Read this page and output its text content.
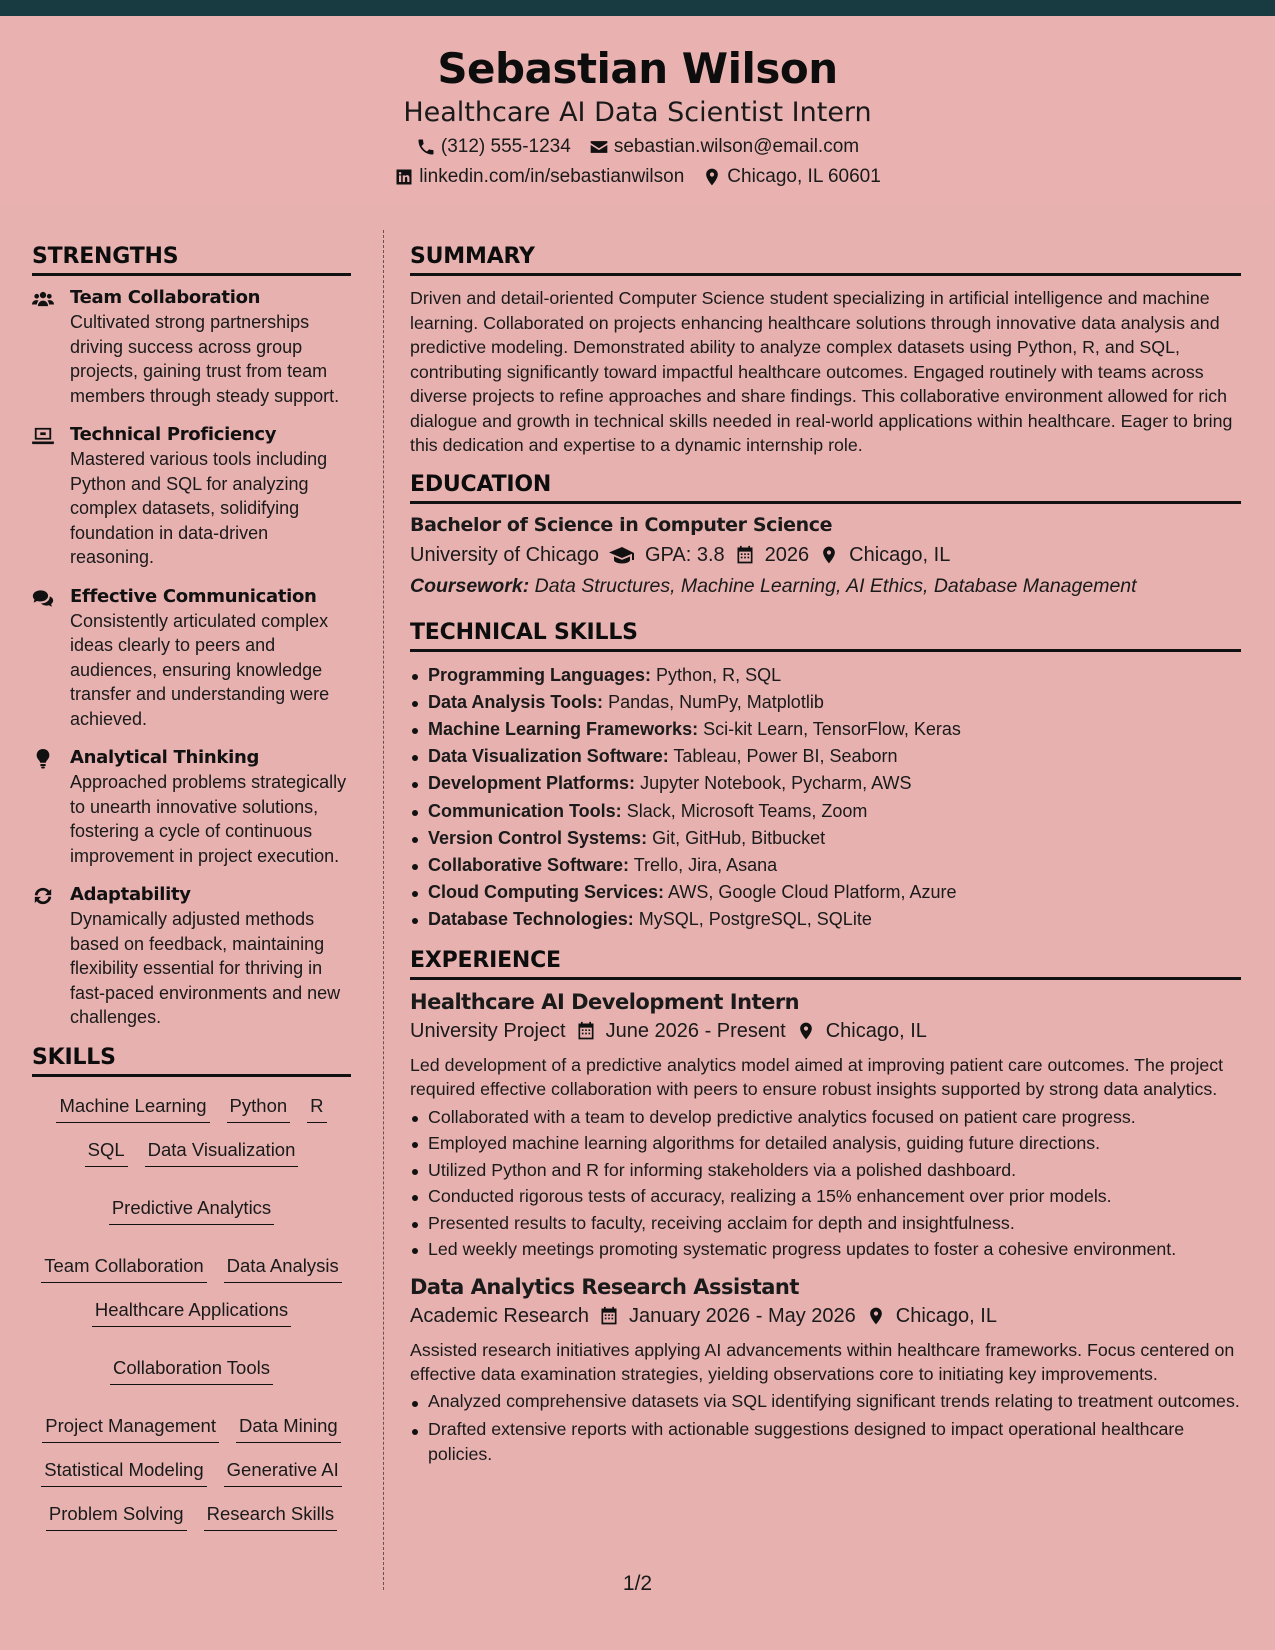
Sebastian Wilson
Healthcare AI Data Scientist Intern
(312) 555-1234 sebastian.wilson@email.com
linkedin.com/in/sebastianwilson Chicago, IL 60601
STRENGTHS
Team Collaboration
Cultivated strong partnerships driving success across group projects, gaining trust from team members through steady support.
Technical Proficiency
Mastered various tools including Python and SQL for analyzing complex datasets, solidifying foundation in data-driven reasoning.
Effective Communication
Consistently articulated complex ideas clearly to peers and audiences, ensuring knowledge transfer and understanding were achieved.
Analytical Thinking
Approached problems strategically to unearth innovative solutions, fostering a cycle of continuous improvement in project execution.
Adaptability
Dynamically adjusted methods based on feedback, maintaining flexibility essential for thriving in fast-paced environments and new challenges.
SKILLS
Machine Learning Python R
SQL Data Visualization
Predictive Analytics
Team Collaboration Data Analysis
Healthcare Applications
Collaboration Tools
Project Management Data Mining
Statistical Modeling Generative AI
Problem Solving Research Skills
SUMMARY

Driven and detail-oriented Computer Science student specializing in artificial intelligence and machine learning. Collaborated on projects enhancing healthcare solutions through innovative data analysis and predictive modeling. Demonstrated ability to analyze complex datasets using Python, R, and SQL, contributing significantly toward impactful healthcare outcomes. Engaged routinely with teams across diverse projects to refine approaches and share findings. This collaborative environment allowed for rich dialogue and growth in technical skills needed in real-world applications within healthcare. Eager to bring this dedication and expertise to a dynamic internship role.

EDUCATION
Bachelor of Science in Computer Science
University of Chicago GPA: 3.8 2026 Chicago, IL
Coursework: Data Structures, Machine Learning, AI Ethics, Database Management
TECHNICAL SKILLS
Programming Languages: Python, R, SQL
Data Analysis Tools: Pandas, NumPy, Matplotlib
Machine Learning Frameworks: Sci-kit Learn, TensorFlow, Keras
Data Visualization Software: Tableau, Power BI, Seaborn
Development Platforms: Jupyter Notebook, Pycharm, AWS
Communication Tools: Slack, Microsoft Teams, Zoom
Version Control Systems: Git, GitHub, Bitbucket
Collaborative Software: Trello, Jira, Asana
Cloud Computing Services: AWS, Google Cloud Platform, Azure
Database Technologies: MySQL, PostgreSQL, SQLite
EXPERIENCE
Healthcare AI Development Intern
University Project June 2026 - Present Chicago, IL

Led development of a predictive analytics model aimed at improving patient care outcomes. The project required effective collaboration with peers to ensure robust insights supported by strong data analytics.

Collaborated with a team to develop predictive analytics focused on patient care progress.
Employed machine learning algorithms for detailed analysis, guiding future directions.
Utilized Python and R for informing stakeholders via a polished dashboard.
Conducted rigorous tests of accuracy, realizing a 15% enhancement over prior models.
Presented results to faculty, receiving acclaim for depth and insightfulness.
Led weekly meetings promoting systematic progress updates to foster a cohesive environment.
Data Analytics Research Assistant
Academic Research January 2026 - May 2026 Chicago, IL

Assisted research initiatives applying AI advancements within healthcare frameworks. Focus centered on effective data examination strategies, yielding observations core to initiating key improvements.

Analyzed comprehensive datasets via SQL identifying significant trends relating to treatment outcomes.
Drafted extensive reports with actionable suggestions designed to impact operational healthcare policies.
1/2
